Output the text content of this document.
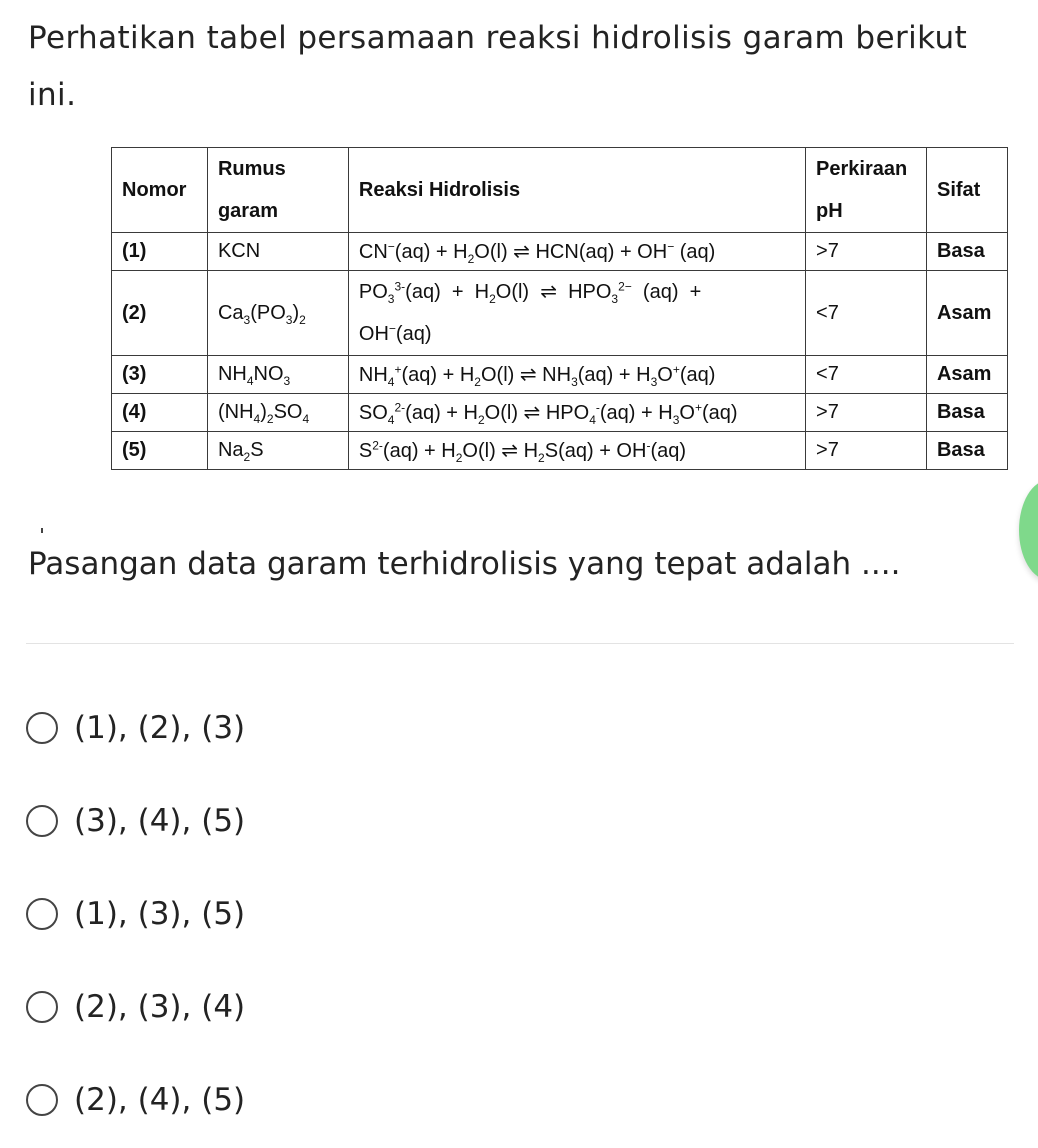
Perhatikan tabel persamaan reaksi hidrolisis garam berikut ini.
Nomor	Rumus garam	Reaksi Hidrolisis	Perkiraan pH	Sifat
(1)	KCN	$CN^-(aq) + H_2O(l)$ ⇌ HCN(aq) + OH− (aq)	>7	Basa
(2)	$Ca_3(PO_3)_2$	$PO_3^{3-}(aq) + H_2O(l)$  ⇌  $HPO_3^{2-}$  (aq)  +
OH−(aq)	<7	Asam
(3)	$NH_4NO_3$	$NH_4^+(aq) + H_2O(l)$ ⇌ $NH_3(aq) + H_3O^+(aq)$	<7	Asam
(4)	$(NH_4)_2SO_4$	$SO_4^{2-}(aq) + H_2O(l)$ ⇌ $HPO_4^-(aq) + H_3O^+(aq)$	>7	Basa
(5)	$Na_2S$	$S^{2-}(aq) + H_2O(l)$ ⇌ $H_2S(aq) + OH^-(aq)$	>7	Basa

Pasangan data garam terhidrolisis yang tepat adalah ....

(1), (2), (3)
(3), (4), (5)
(1), (3), (5)
(2), (3), (4)
(2), (4), (5)
